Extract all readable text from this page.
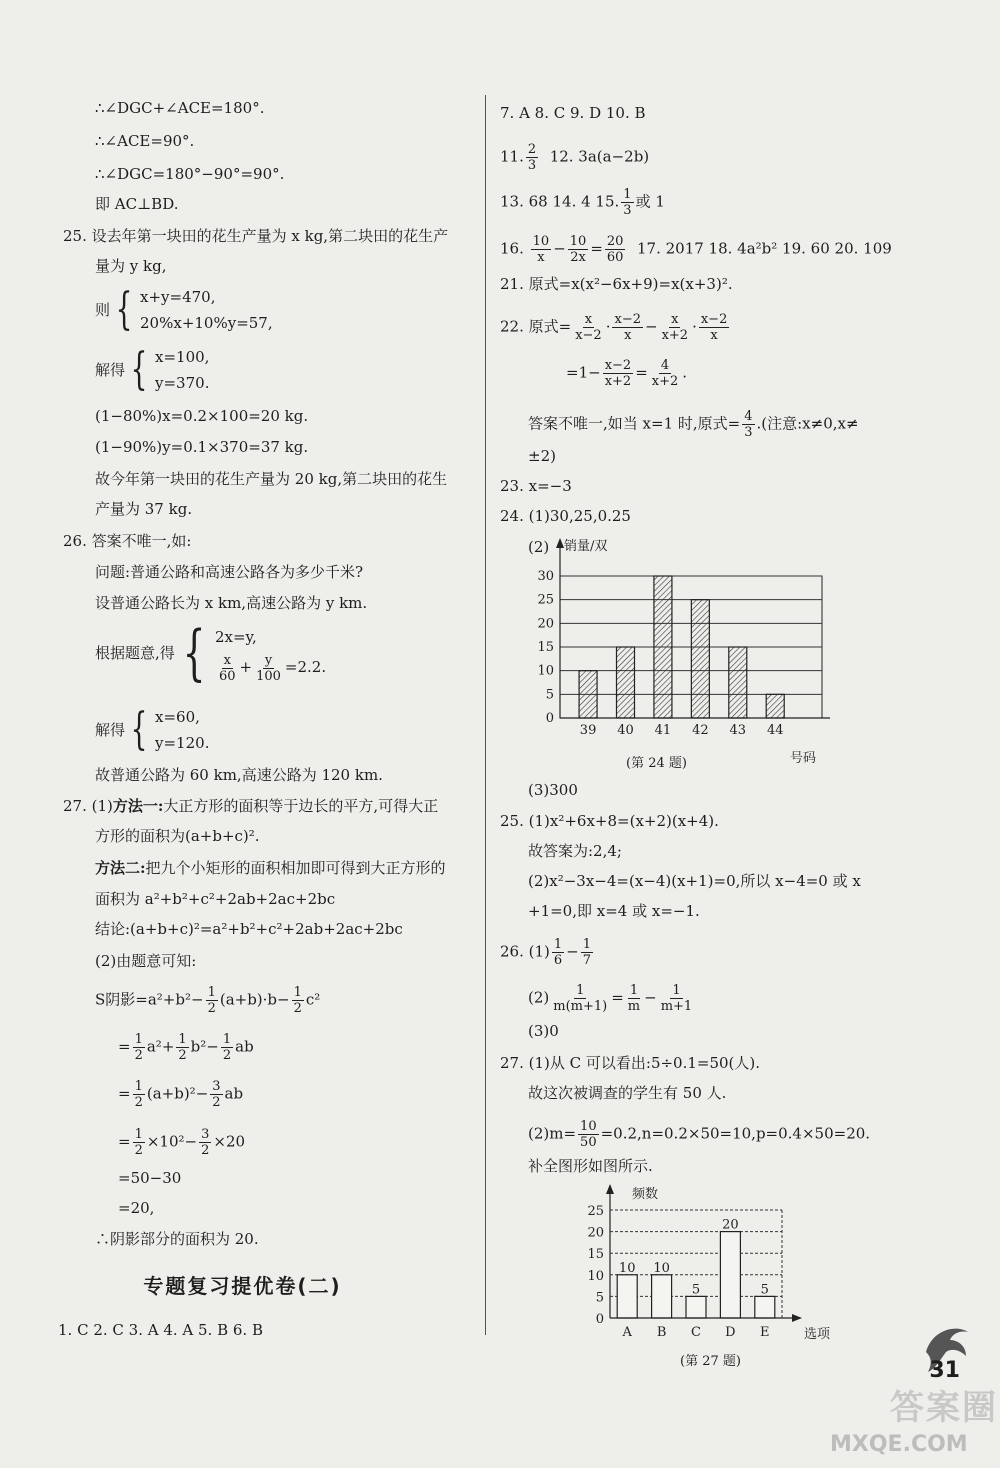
∴∠DGC+∠ACE=180°.
∴∠ACE=90°.
∴∠DGC=180°−90°=90°.
即 AC⊥BD.
25. 设去年第一块田的花生产量为 x kg,第二块田的花生产
量为 y kg,
则 { x+y=470,
20%x+10%y=57,
解得 { x=100,
y=370.
(1−80%)x=0.2×100=20 kg.
(1−90%)y=0.1×370=37 kg.
故今年第一块田的花生产量为 20 kg,第二块田的花生
产量为 37 kg.
26. 答案不唯一,如:
问题:普通公路和高速公路各为多少千米?
设普通公路长为 x km,高速公路为 y km.
根据题意,得 { 2x=y,
$\frac{x}{60} + \frac{y}{100} =2.2$.
解得 { x=60,
y=120.
故普通公路为 60 km,高速公路为 120 km.
27. (1)方法一:大正方形的面积等于边长的平方,可得大正
方形的面积为(a+b+c)².
方法二:把九个小矩形的面积相加即可得到大正方形的
面积为 a²+b²+c²+2ab+2ac+2bc
结论:(a+b+c)²=a²+b²+c²+2ab+2ac+2bc
(2)由题意可知:
S阴影$=a^2+b^2- \frac{1}{2} (a+b)\cdot b- \frac{1}{2} c^2$
= $\frac{1}{2} a^2+ \frac{1}{2} b^2- \frac{1}{2}$ ab
= $\frac{1}{2} (a+b)^2- \frac{3}{2}$ ab
= $\frac{1}{2} \times 10^2- \frac{3}{2} \times 20$
=50−30
=20,
∴阴影部分的面积为 20.
专题复习提优卷(二)
1. C 2. C 3. A 4. A 5. B 6. B
7. A 8. C 9. D 10. B
11. $\frac{2}{3} 12$. 3a(a−2b)
13. 68 14. 4 15. $\frac{1}{3}$ 或 1
16. $\frac{10}{x} - \frac{10}{2x} = \frac{20}{60} 17$. 2017 18. 4a²b² 19. 60 20. 109
21. 原式=x(x²−6x+9)=x(x+3)².
22. 原式= $\frac{x}{x-2} \cdot \frac{x-2}{x} - \frac{x}{x+2} \cdot \frac{x-2}{x}$
$=1- \frac{x-2}{x+2} = \frac{4}{x+2}$ .
答案不唯一,如当 x=1 时,原式= $\frac{4}{3}$ .(注意:x≠0,x≠
±2)
23. x=−3
24. (1)30,25,0.25
(2)
0
5
10
15
20
25
30
39 40 41 42 43 44
销量/双
号码
(第 24 题)
(3)300
25. (1)x²+6x+8=(x+2)(x+4).
故答案为:2,4;
(2)x²−3x−4=(x−4)(x+1)=0,所以 x−4=0 或 x
+1=0,即 x=4 或 x=−1.
26. $(1) \frac{1}{6} - \frac{1}{7}$
$(2) \frac{1}{m(m+1)} = \frac{1}{m} - \frac{1}{m+1}$
(3)0
27. (1)从 C 可以看出:5÷0.1=50(人).
故这次被调查的学生有 50 人.
$(2)m= \frac{10}{50} =0.2,n=0.2\times 50=10,p=0.4\times 50=20$.
补全图形如图所示.
10 10
5
20
5
0
5
10
15
20
25
A B C D E
频数
选项
(第 27 题)	31
答案圈
MXQE.COM
